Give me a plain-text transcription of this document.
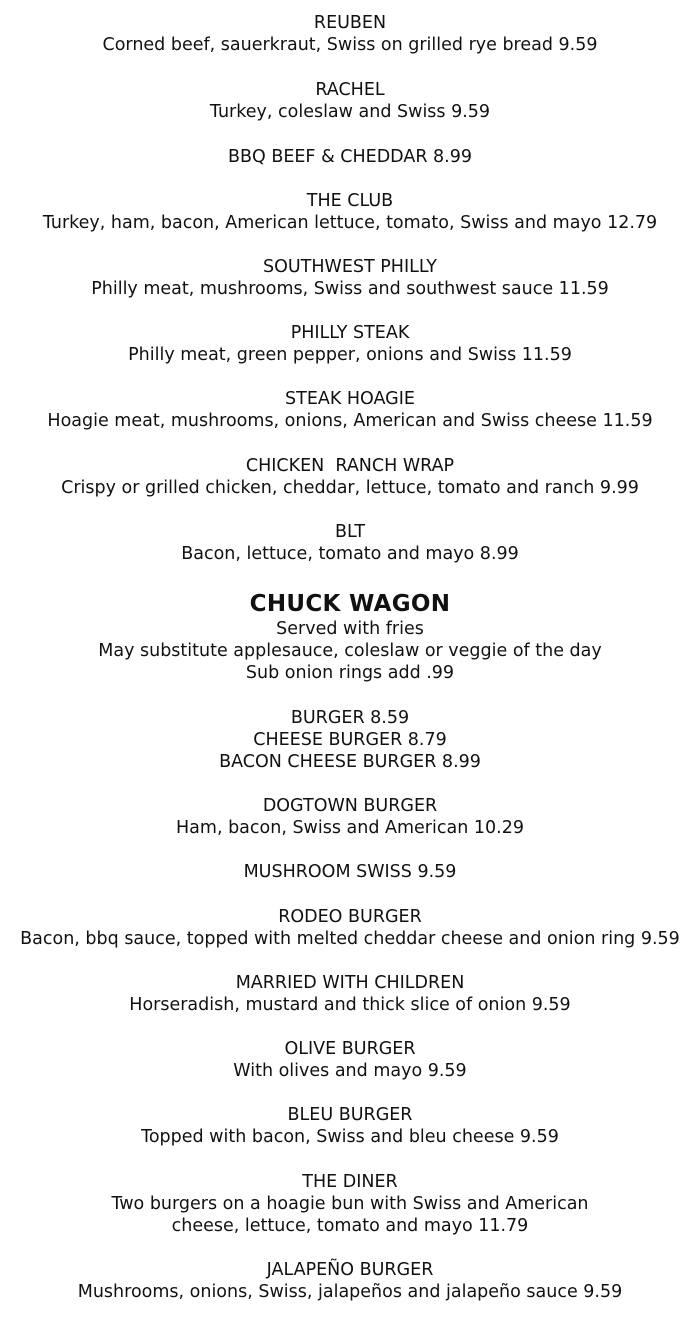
REUBEN
Corned beef, sauerkraut, Swiss on grilled rye bread 9.59
RACHEL
Turkey, coleslaw and Swiss 9.59
BBQ BEEF & CHEDDAR 8.99
THE CLUB
Turkey, ham, bacon, American lettuce, tomato, Swiss and mayo 12.79
SOUTHWEST PHILLY
Philly meat, mushrooms, Swiss and southwest sauce 11.59
PHILLY STEAK
Philly meat, green pepper, onions and Swiss 11.59
STEAK HOAGIE
Hoagie meat, mushrooms, onions, American and Swiss cheese 11.59
CHICKEN  RANCH WRAP
Crispy or grilled chicken, cheddar, lettuce, tomato and ranch 9.99
BLT
Bacon, lettuce, tomato and mayo 8.99
CHUCK WAGON
Served with fries
May substitute applesauce, coleslaw or veggie of the day
Sub onion rings add .99
BURGER 8.59
CHEESE BURGER 8.79
BACON CHEESE BURGER 8.99
DOGTOWN BURGER
Ham, bacon, Swiss and American 10.29
MUSHROOM SWISS 9.59
RODEO BURGER
Bacon, bbq sauce, topped with melted cheddar cheese and onion ring 9.59
MARRIED WITH CHILDREN
Horseradish, mustard and thick slice of onion 9.59
OLIVE BURGER
With olives and mayo 9.59
BLEU BURGER
Topped with bacon, Swiss and bleu cheese 9.59
THE DINER
Two burgers on a hoagie bun with Swiss and American
cheese, lettuce, tomato and mayo 11.79
JALAPEÑO BURGER
Mushrooms, onions, Swiss, jalapeños and jalapeño sauce 9.59
